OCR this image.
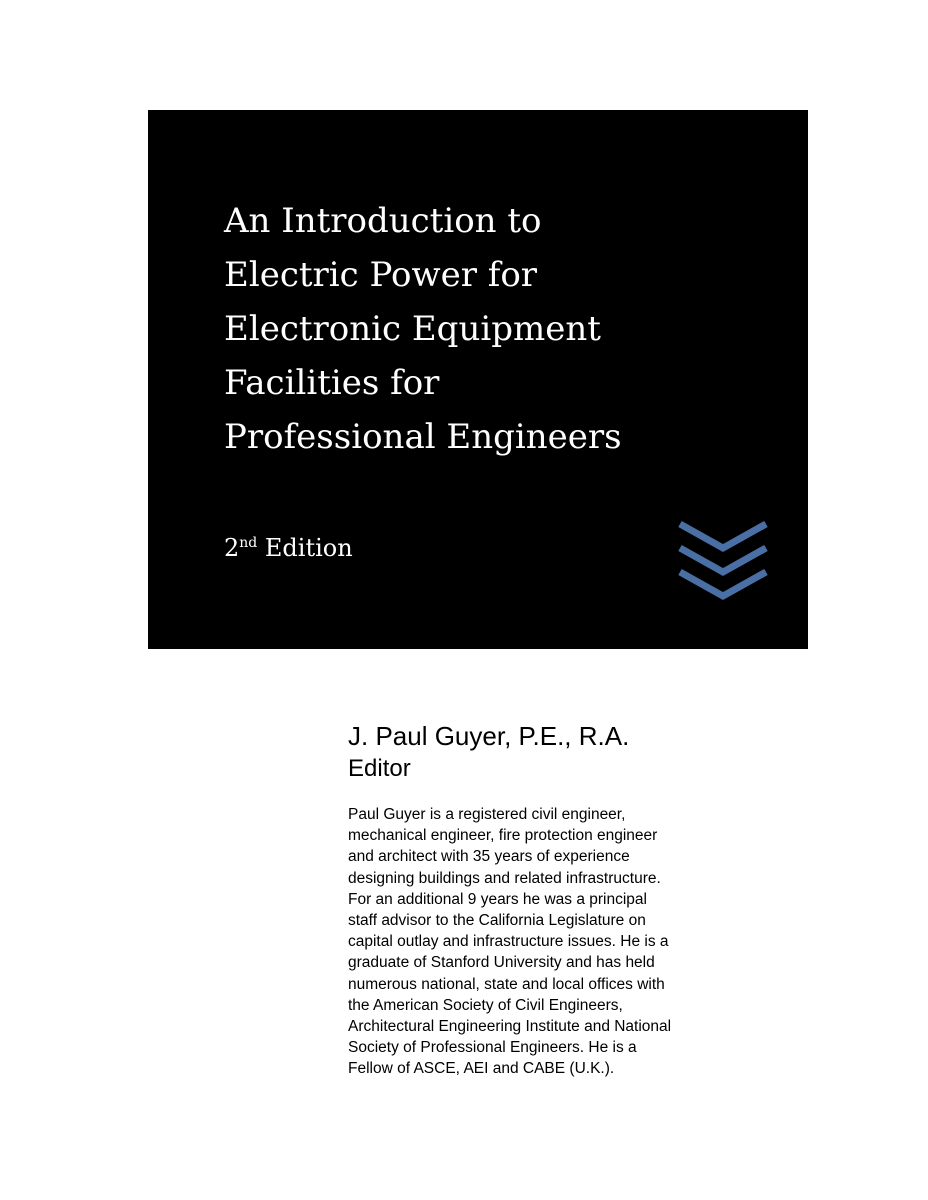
An Introduction to
Electric Power for
Electronic Equipment
Facilities for
Professional Engineers
2nd Edition
J. Paul Guyer, P.E., R.A.
Editor
Paul Guyer is a registered civil engineer,
mechanical engineer, fire protection engineer
and architect with 35 years of experience
designing buildings and related infrastructure.
For an additional 9 years he was a principal
staff advisor to the California Legislature on
capital outlay and infrastructure issues. He is a
graduate of Stanford University and has held
numerous national, state and local offices with
the American Society of Civil Engineers,
Architectural Engineering Institute and National
Society of Professional Engineers. He is a
Fellow of ASCE, AEI and CABE (U.K.).
